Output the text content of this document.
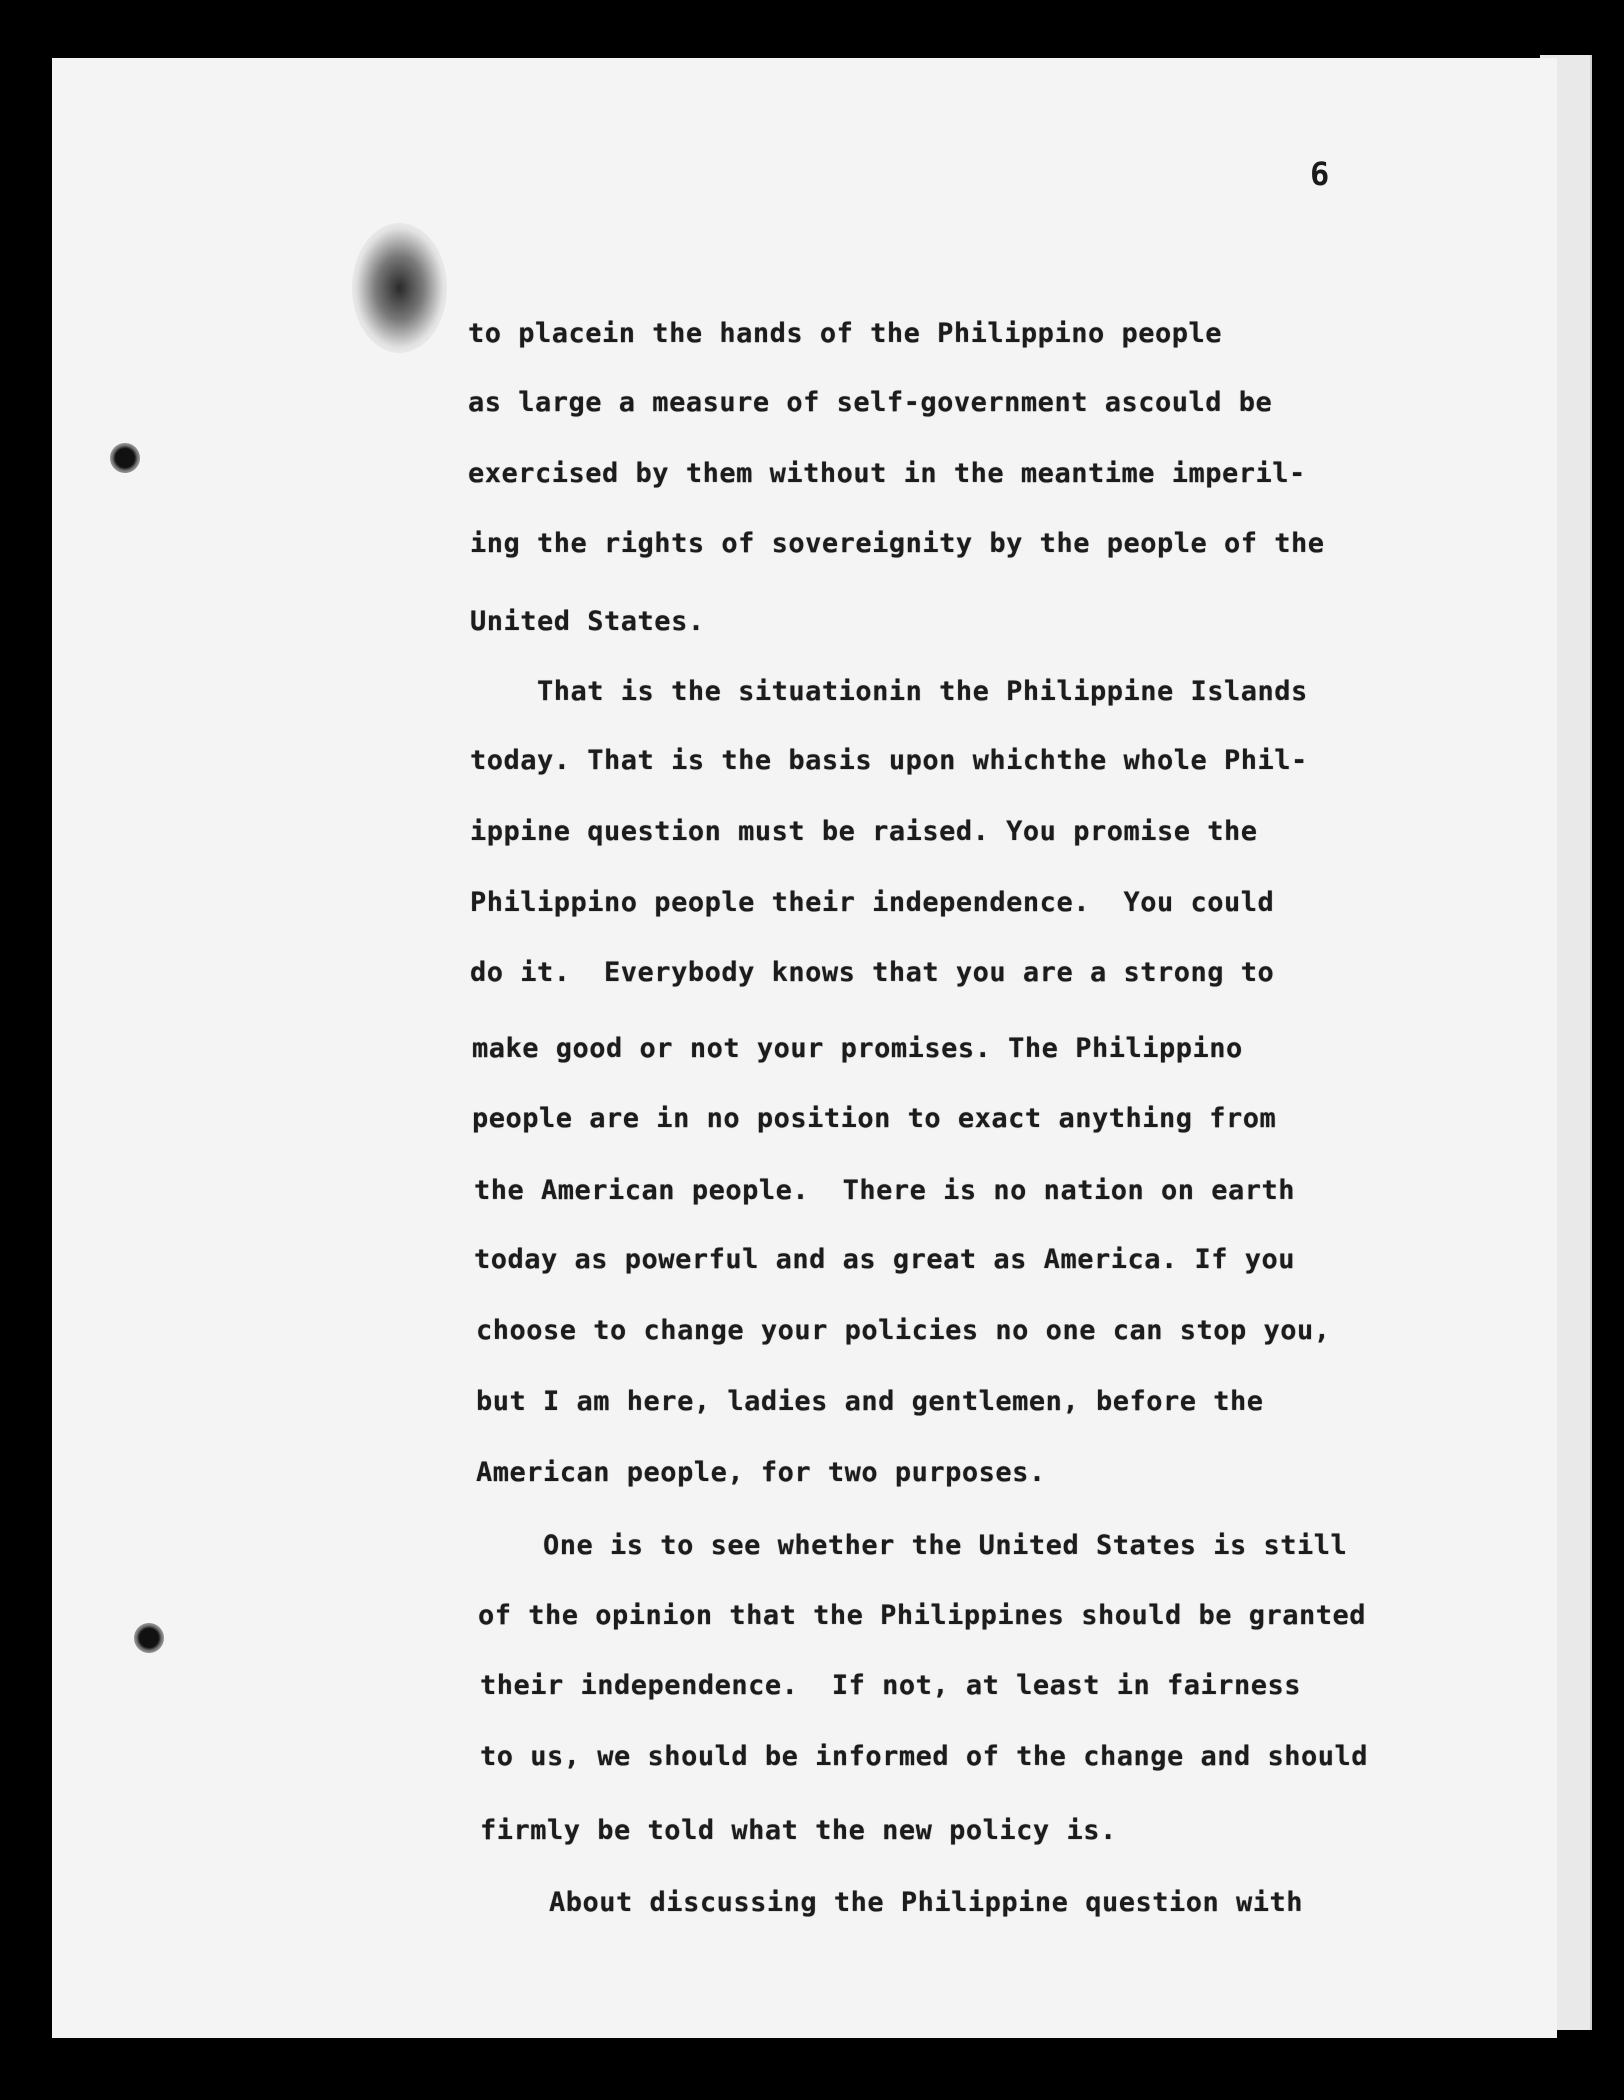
6
to placein the hands of the Philippino people
as large a measure of self-government ascould be
exercised by them without in the meantime imperil-
ing the rights of sovereignity by the people of the
United States.
That is the situationin the Philippine Islands
today. That is the basis upon whichthe whole Phil-
ippine question must be raised. You promise the
Philippino people their independence.  You could
do it.  Everybody knows that you are a strong to
make good or not your promises. The Philippino
people are in no position to exact anything from
the American people.  There is no nation on earth
today as powerful and as great as America. If you
choose to change your policies no one can stop you,
but I am here, ladies and gentlemen, before the
American people, for two purposes.
One is to see whether the United States is still
of the opinion that the Philippines should be granted
their independence.  If not, at least in fairness
to us, we should be informed of the change and should
firmly be told what the new policy is.
About discussing the Philippine question with
